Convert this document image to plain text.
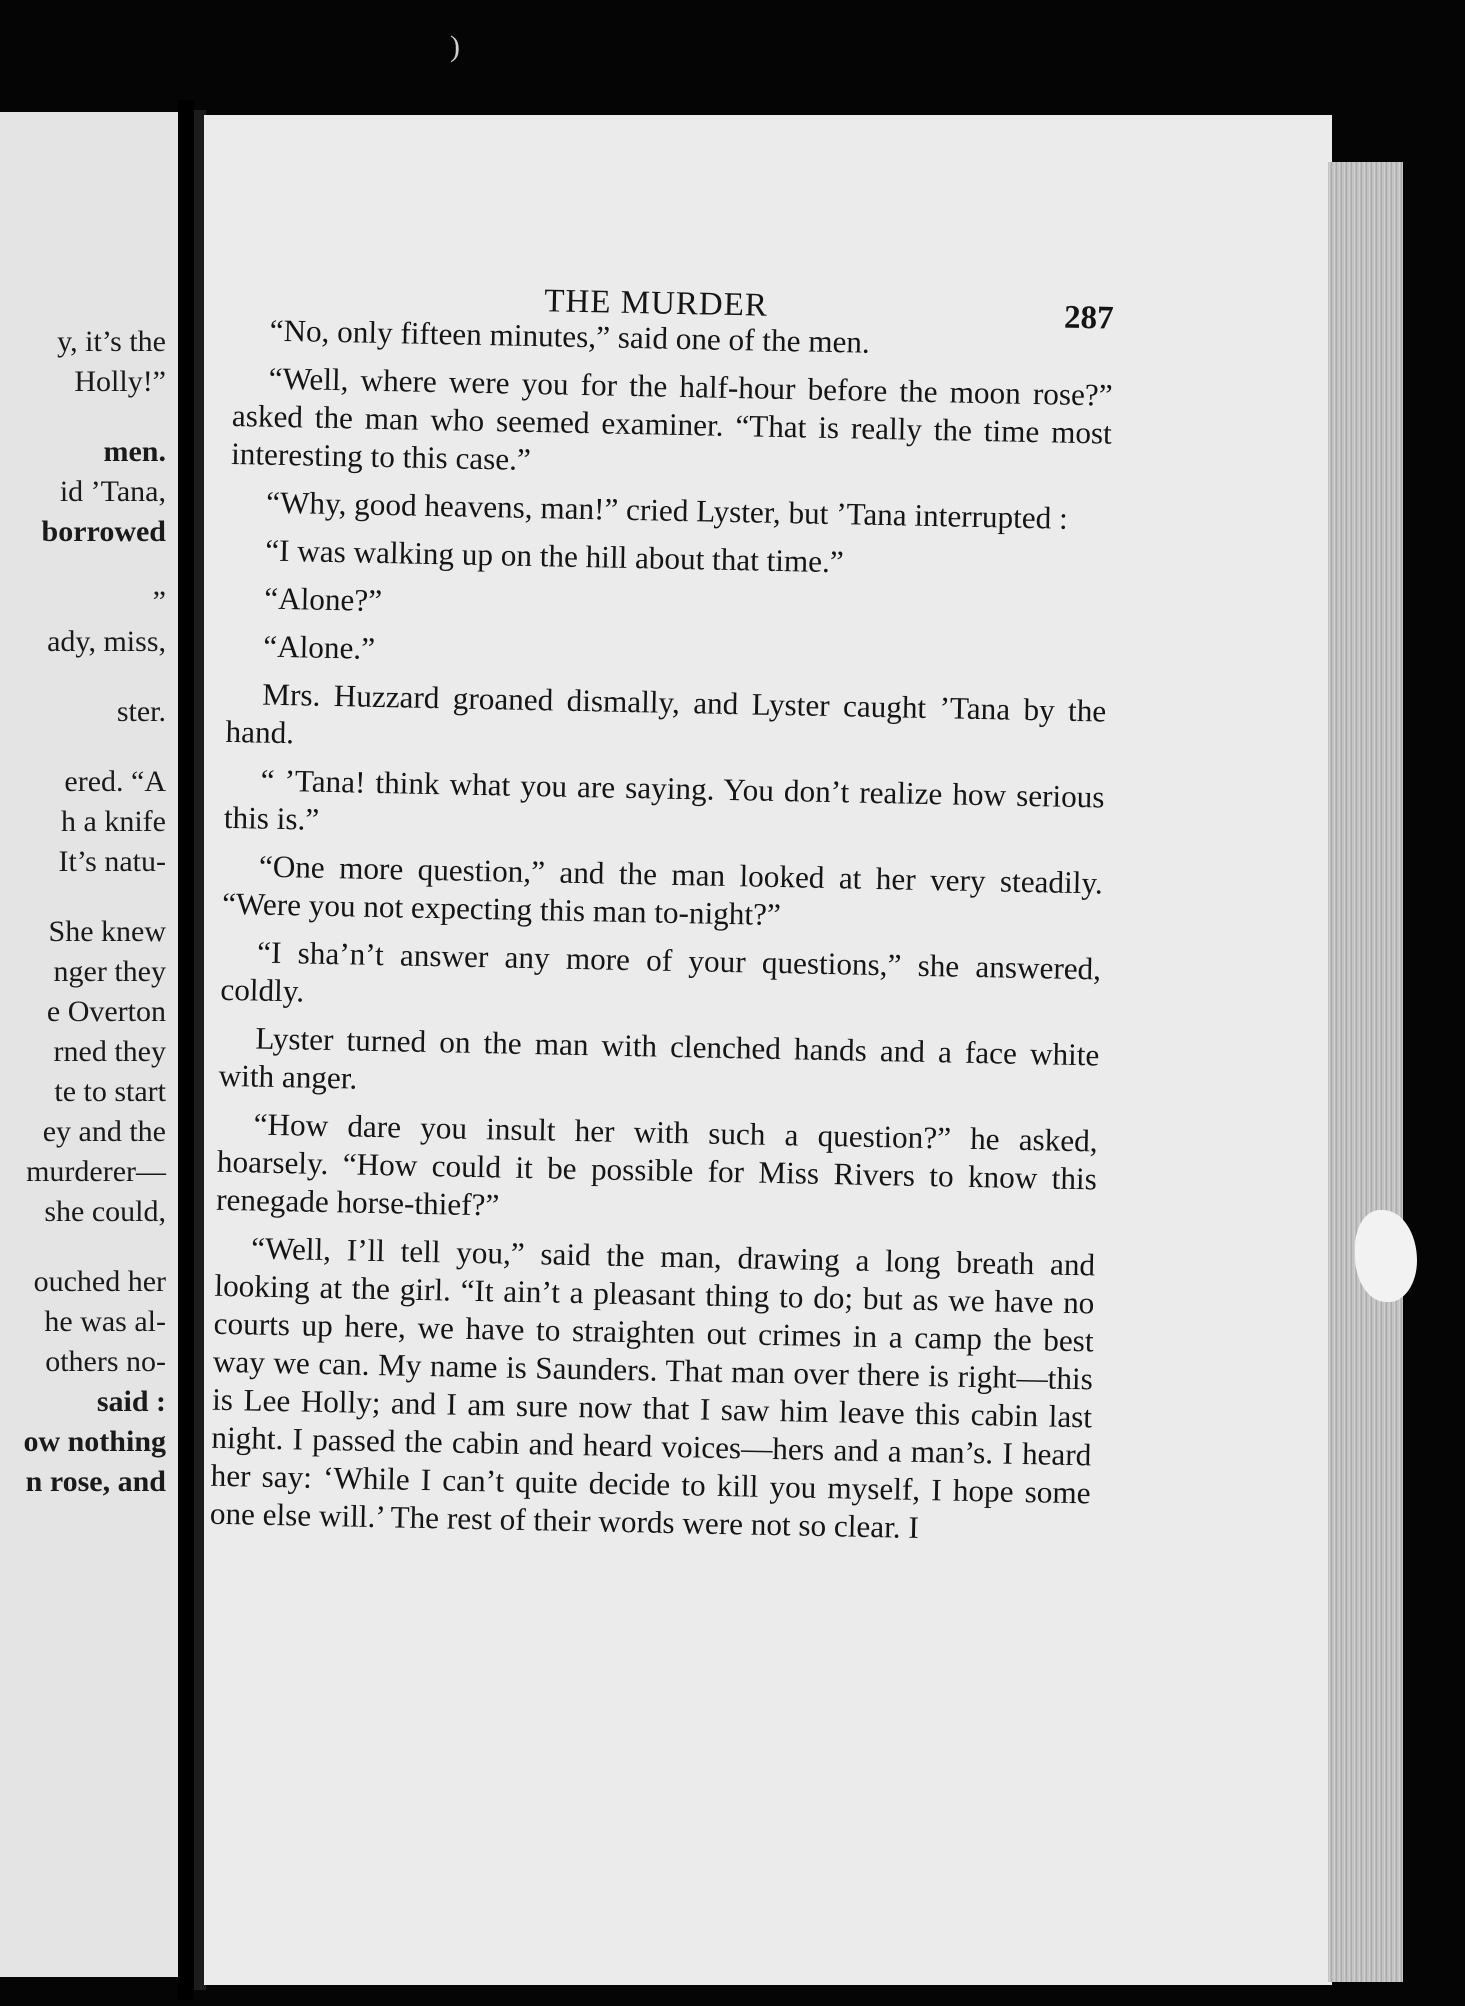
)
y, it’s the
Holly!”
men.
id ’Tana,
borrowed
”
ady, miss,
ster.
ered. “A
h a knife
It’s natu-
She knew
nger they
e Overton
rned they
te to start
ey and the
murderer—
she could,
ouched her
he was al-
others no-
said :
ow nothing
n rose, and
THE MURDER	287

“No, only fifteen minutes,” said one of the men.

“Well, where were you for the half-hour before the moon rose?” asked the man who seemed examiner. “That is really the time most interesting to this case.”

“Why, good heavens, man!” cried Lyster, but ’Tana interrupted :

“I was walking up on the hill about that time.”

“Alone?”

“Alone.”

Mrs. Huzzard groaned dismally, and Lyster caught ’Tana by the hand.

“ ’Tana! think what you are saying. You don’t realize how serious this is.”

“One more question,” and the man looked at her very steadily. “Were you not expecting this man to-night?”

“I sha’n’t answer any more of your questions,” she answered, coldly.

Lyster turned on the man with clenched hands and a face white with anger.

“How dare you insult her with such a question?” he asked, hoarsely. “How could it be possible for Miss Rivers to know this renegade horse-thief?”

“Well, I’ll tell you,” said the man, drawing a long breath and looking at the girl. “It ain’t a pleasant thing to do; but as we have no courts up here, we have to straighten out crimes in a camp the best way we can. My name is Saunders. That man over there is right—this is Lee Holly; and I am sure now that I saw him leave this cabin last night. I passed the cabin and heard voices—hers and a man’s. I heard her say: ‘While I can’t quite decide to kill you myself, I hope some one else will.’ The rest of their words were not so clear. I
